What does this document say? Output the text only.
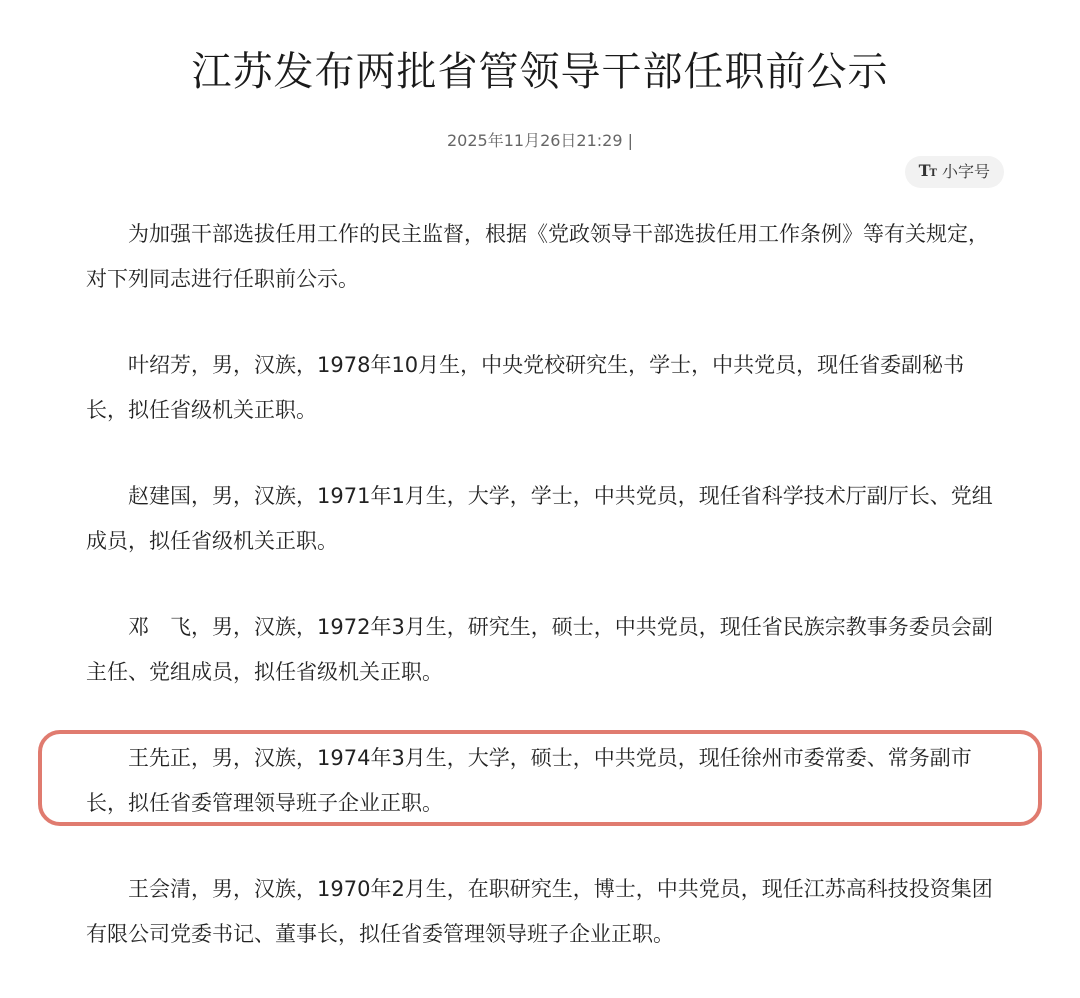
江苏发布两批省管领导干部任职前公示
2025年11月26日21:29 |
TT 小字号

为加强干部选拔任用工作的民主监督，根据《党政领导干部选拔任用工作条例》等有关规定，对下列同志进行任职前公示。

叶绍芳，男，汉族，1978年10月生，中央党校研究生，学士，中共党员，现任省委副秘书长，拟任省级机关正职。

赵建国，男，汉族，1971年1月生，大学，学士，中共党员，现任省科学技术厅副厅长、党组成员，拟任省级机关正职。

邓　飞，男，汉族，1972年3月生，研究生，硕士，中共党员，现任省民族宗教事务委员会副主任、党组成员，拟任省级机关正职。

王先正，男，汉族，1974年3月生，大学，硕士，中共党员，现任徐州市委常委、常务副市长，拟任省委管理领导班子企业正职。

王会清，男，汉族，1970年2月生，在职研究生，博士，中共党员，现任江苏高科技投资集团有限公司党委书记、董事长，拟任省委管理领导班子企业正职。
